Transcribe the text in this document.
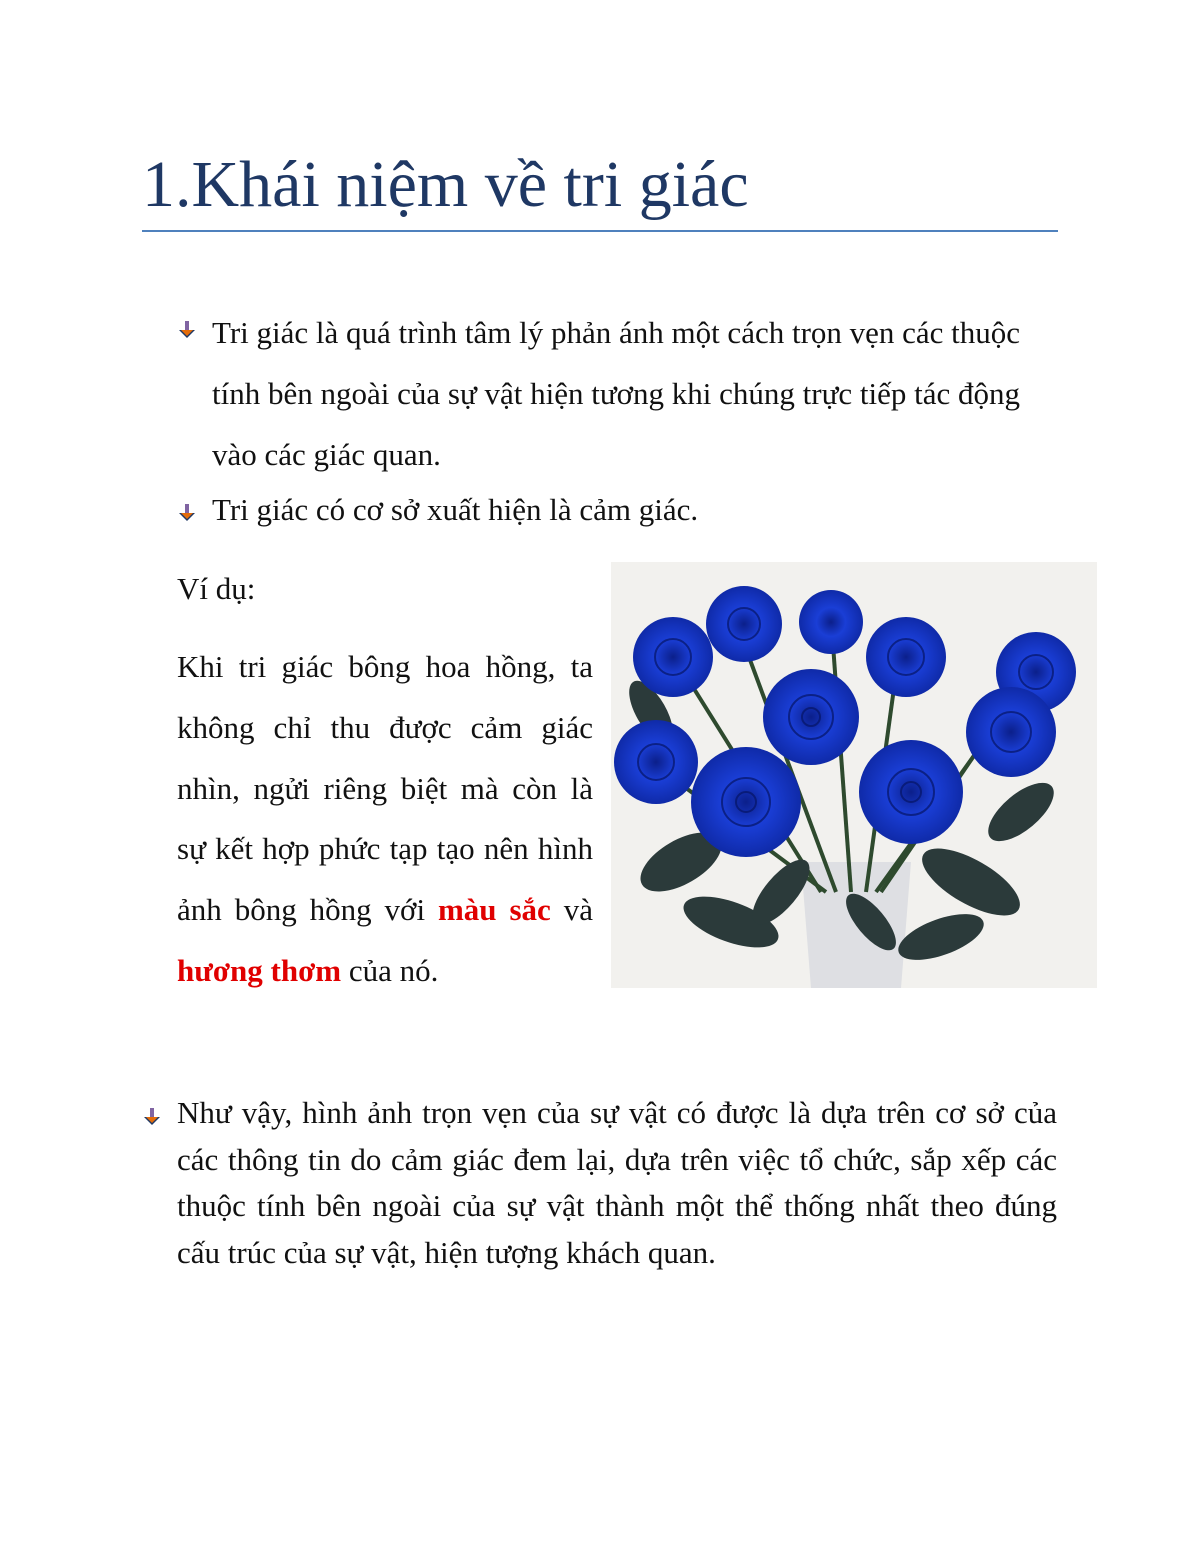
1.Khái niệm về tri giác
Tri giác là quá trình tâm lý phản ánh một cách trọn vẹn các thuộc tính bên ngoài của sự vật hiện tương khi chúng trực tiếp tác động vào các giác quan.
Tri giác có cơ sở xuất hiện là cảm giác.
Ví dụ:
Khi tri giác bông hoa hồng, ta không chỉ thu được cảm giác nhìn, ngửi riêng biệt mà còn là sự kết hợp phức tạp tạo nên hình ảnh bông hồng với màu sắc và hương thơm của nó.
Như vậy, hình ảnh trọn vẹn của sự vật có được là dựa trên cơ sở của các thông tin do cảm giác đem lại, dựa trên việc tổ chức, sắp xếp các thuộc tính bên ngoài của sự vật thành một thể thống nhất theo đúng cấu trúc của sự vật, hiện tượng khách quan.
